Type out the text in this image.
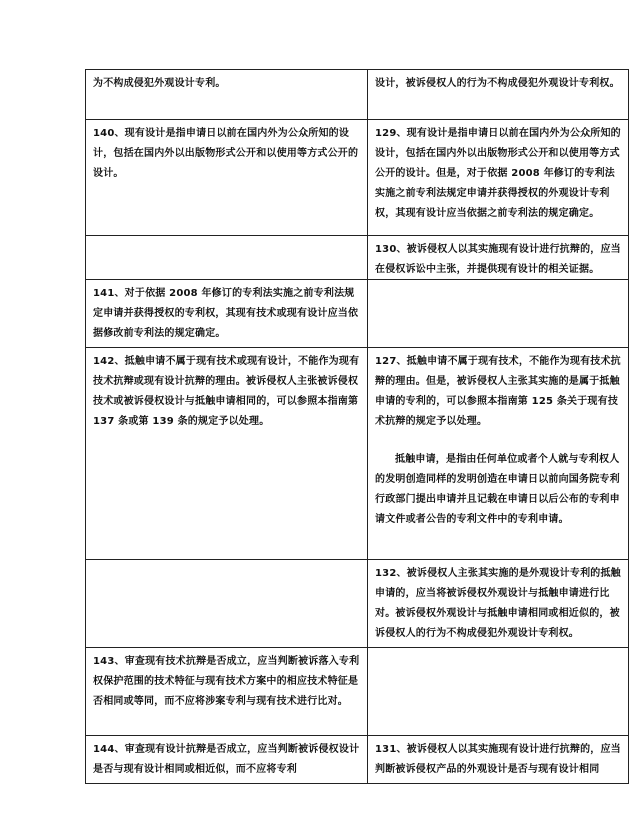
为不构成侵犯外观设计专利。	设计，被诉侵权人的行为不构成侵犯外观设计专利权。

140、现有设计是指申请日以前在国内外为公众所知的设计，包括在国内外以出版物形式公开和以使用等方式公开的设计。	129、现有设计是指申请日以前在国内外为公众所知的设计，包括在国内外以出版物形式公开和以使用等方式公开的设计。但是，对于依据 2008 年修订的专利法实施之前专利法规定申请并获得授权的外观设计专利权，其现有设计应当依据之前专利法的规定确定。

	130、被诉侵权人以其实施现有设计进行抗辩的，应当在侵权诉讼中主张，并提供现有设计的相关证据。

141、对于依据 2008 年修订的专利法实施之前专利法规定申请并获得授权的专利权，其现有技术或现有设计应当依据修改前专利法的规定确定。	

142、抵触申请不属于现有技术或现有设计，不能作为现有技术抗辩或现有设计抗辩的理由。被诉侵权人主张被诉侵权技术或被诉侵权设计与抵触申请相同的，可以参照本指南第 137 条或第 139 条的规定予以处理。	127、抵触申请不属于现有技术，不能作为现有技术抗辩的理由。但是，被诉侵权人主张其实施的是属于抵触申请的专利的，可以参照本指南第 125 条关于现有技术抗辩的规定予以处理。

抵触申请，是指由任何单位或者个人就与专利权人的发明创造同样的发明创造在申请日以前向国务院专利行政部门提出申请并且记载在申请日以后公布的专利申请文件或者公告的专利文件中的专利申请。

	132、被诉侵权人主张其实施的是外观设计专利的抵触申请的，应当将被诉侵权外观设计与抵触申请进行比对。被诉侵权外观设计与抵触申请相同或相近似的，被诉侵权人的行为不构成侵犯外观设计专利权。

143、审查现有技术抗辩是否成立，应当判断被诉落入专利权保护范围的技术特征与现有技术方案中的相应技术特征是否相同或等同，而不应将涉案专利与现有技术进行比对。	

144、审查现有设计抗辩是否成立，应当判断被诉侵权设计是否与现有设计相同或相近似，而不应将专利	131、被诉侵权人以其实施现有设计进行抗辩的，应当判断被诉侵权产品的外观设计是否与现有设计相同
